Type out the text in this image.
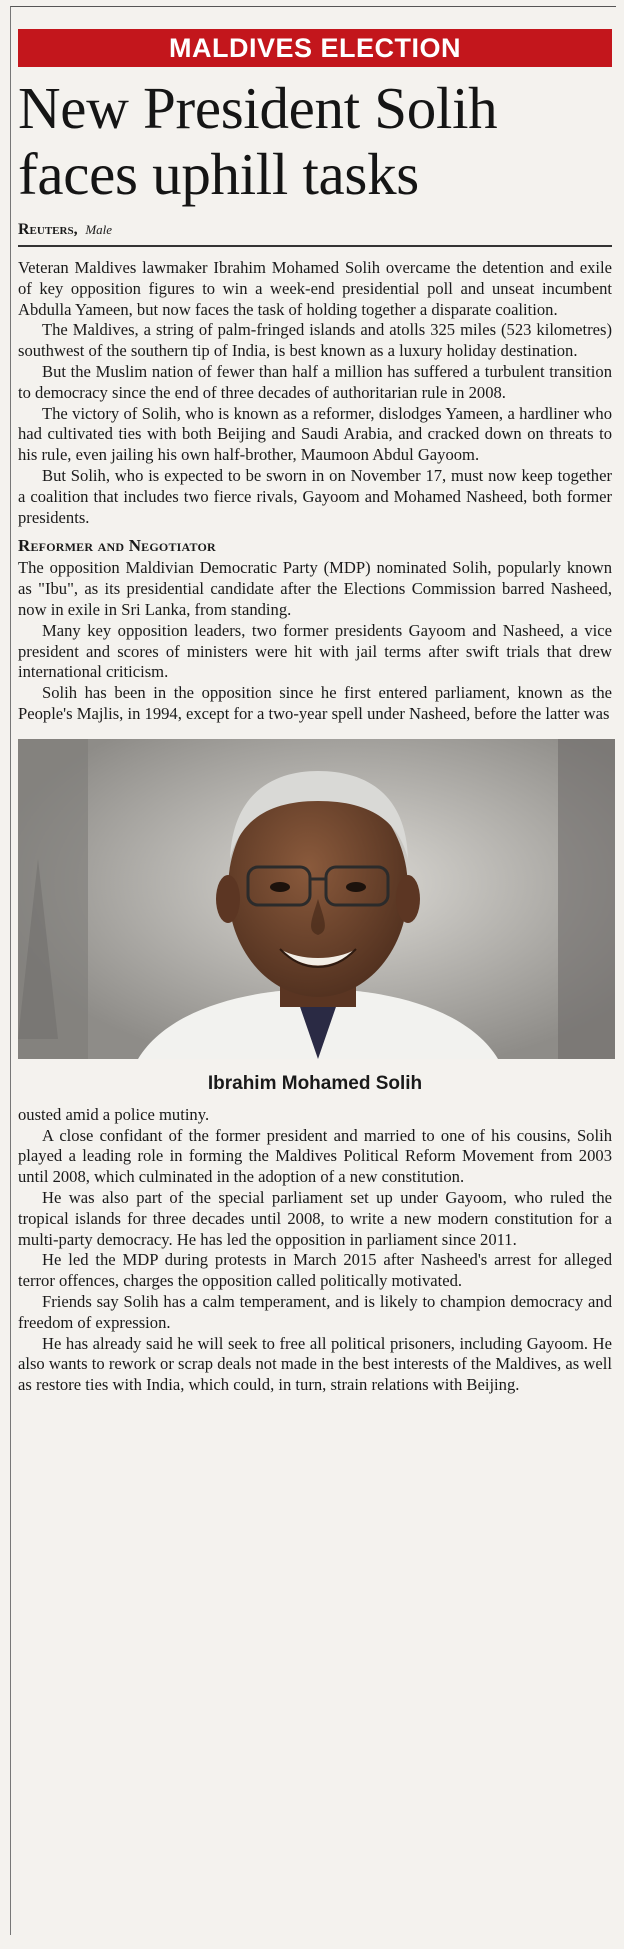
MALDIVES ELECTION
New President Solih faces uphill tasks
Reuters, Male

Veteran Maldives lawmaker Ibrahim Mohamed Solih overcame the detention and exile of key opposition figures to win a week-end presidential poll and unseat incumbent Abdulla Yameen, but now faces the task of holding together a disparate coalition.

The Maldives, a string of palm-fringed islands and atolls 325 miles (523 kilometres) southwest of the southern tip of India, is best known as a luxury holiday destination.

But the Muslim nation of fewer than half a million has suffered a turbulent transition to democracy since the end of three decades of authoritarian rule in 2008.

The victory of Solih, who is known as a reformer, dislodges Yameen, a hardliner who had cultivated ties with both Beijing and Saudi Arabia, and cracked down on threats to his rule, even jailing his own half-brother, Maumoon Abdul Gayoom.

But Solih, who is expected to be sworn in on November 17, must now keep together a coalition that includes two fierce rivals, Gayoom and Mohamed Nasheed, both former presidents.

Reformer and Negotiator

The opposition Maldivian Democratic Party (MDP) nominated Solih, popularly known as "Ibu", as its presidential candidate after the Elections Commission barred Nasheed, now in exile in Sri Lanka, from standing.

Many key opposition leaders, two former presidents Gayoom and Nasheed, a vice president and scores of ministers were hit with jail terms after swift trials that drew international criticism.

Solih has been in the opposition since he first entered parliament, known as the People's Majlis, in 1994, except for a two-year spell under Nasheed, before the latter was

Ibrahim Mohamed Solih

ousted amid a police mutiny.

A close confidant of the former president and married to one of his cousins, Solih played a leading role in forming the Maldives Political Reform Movement from 2003 until 2008, which culminated in the adoption of a new constitution.

He was also part of the special parliament set up under Gayoom, who ruled the tropical islands for three decades until 2008, to write a new modern constitution for a multi-party democracy. He has led the opposition in parliament since 2011.

He led the MDP during protests in March 2015 after Nasheed's arrest for alleged terror offences, charges the opposition called politically motivated.

Friends say Solih has a calm temperament, and is likely to champion democracy and freedom of expression.

He has already said he will seek to free all political prisoners, including Gayoom. He also wants to rework or scrap deals not made in the best interests of the Maldives, as well as restore ties with India, which could, in turn, strain relations with Beijing.
